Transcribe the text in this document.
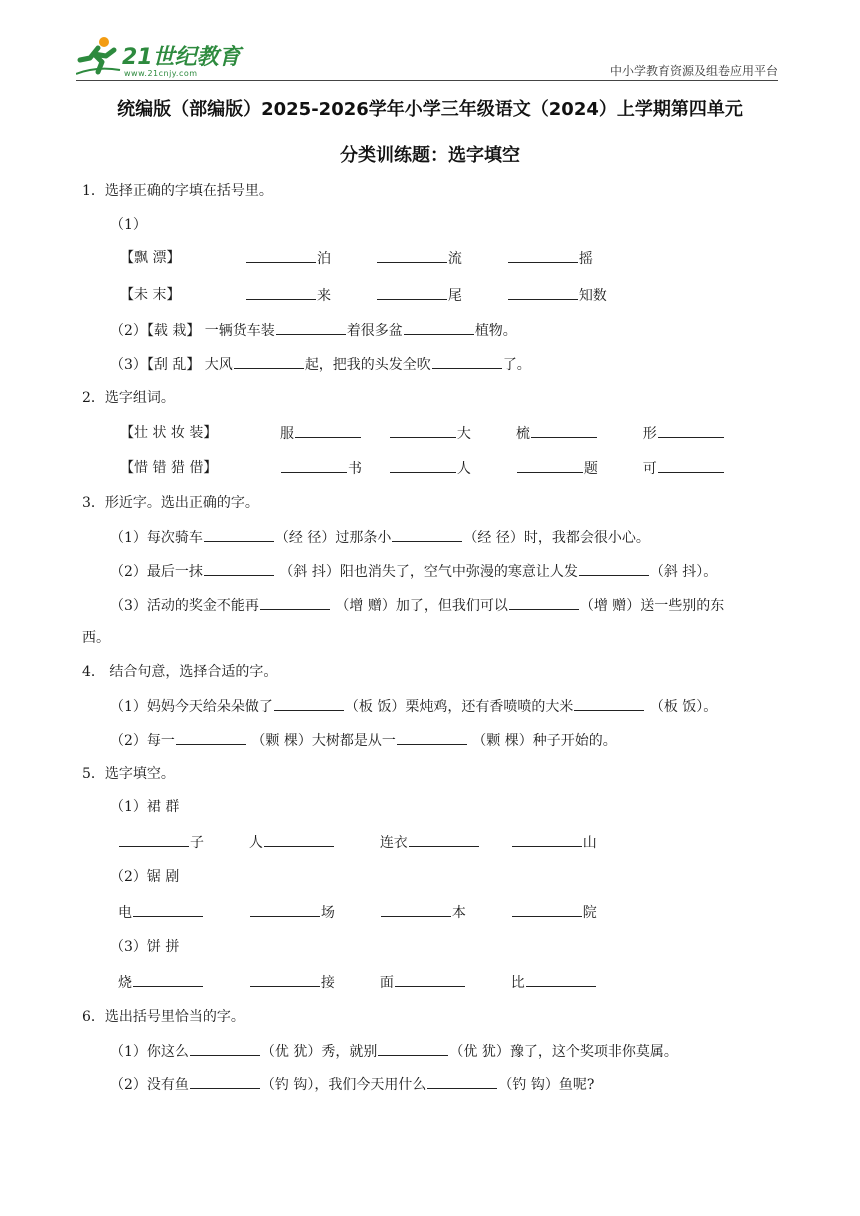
21世纪教育
www.21cnjy.com	中小学教育资源及组卷应用平台
统编版（部编版）2025-2026学年小学三年级语文（2024）上学期第四单元
分类训练题：选字填空
1．选择正确的字填在括号里。
（1）
【飘 漂】	泊	流	摇
【未 末】	来	尾	知数
（2）【载 栽】 一辆货车装	着很多盆	植物。
（3）【刮 乱】 大风	起，把我的头发全吹	了。
2．选字组词。
【壮 状 妆 装】	服	大	梳	形
【惜 错 猎 借】	书	人	题	可
3．形近字。选出正确的字。
（1）每次骑车	（经 径）过那条小	（经 径）时，我都会很小心。
（2）最后一抹	（斜 抖）阳也消失了，空气中弥漫的寒意让人发	（斜 抖）。
（3）活动的奖金不能再	（增 赠）加了，但我们可以	（增 赠）送一些别的东
西。
4． 结合句意，选择合适的字。
（1）妈妈今天给朵朵做了	（板 饭）栗炖鸡，还有香喷喷的大米	（板 饭）。
（2）每一	（颗 棵）大树都是从一	（颗 棵）种子开始的。
5．选字填空。
（1）裙 群
子	人	连衣	山
（2）锯 剧
电	场	本	院
（3）饼 拼
烧	接	面	比
6．选出括号里恰当的字。
（1）你这么	（优 犹）秀，就别	（优 犹）豫了，这个奖项非你莫属。
（2）没有鱼	（钓 钩），我们今天用什么	（钓 钩）鱼呢?
